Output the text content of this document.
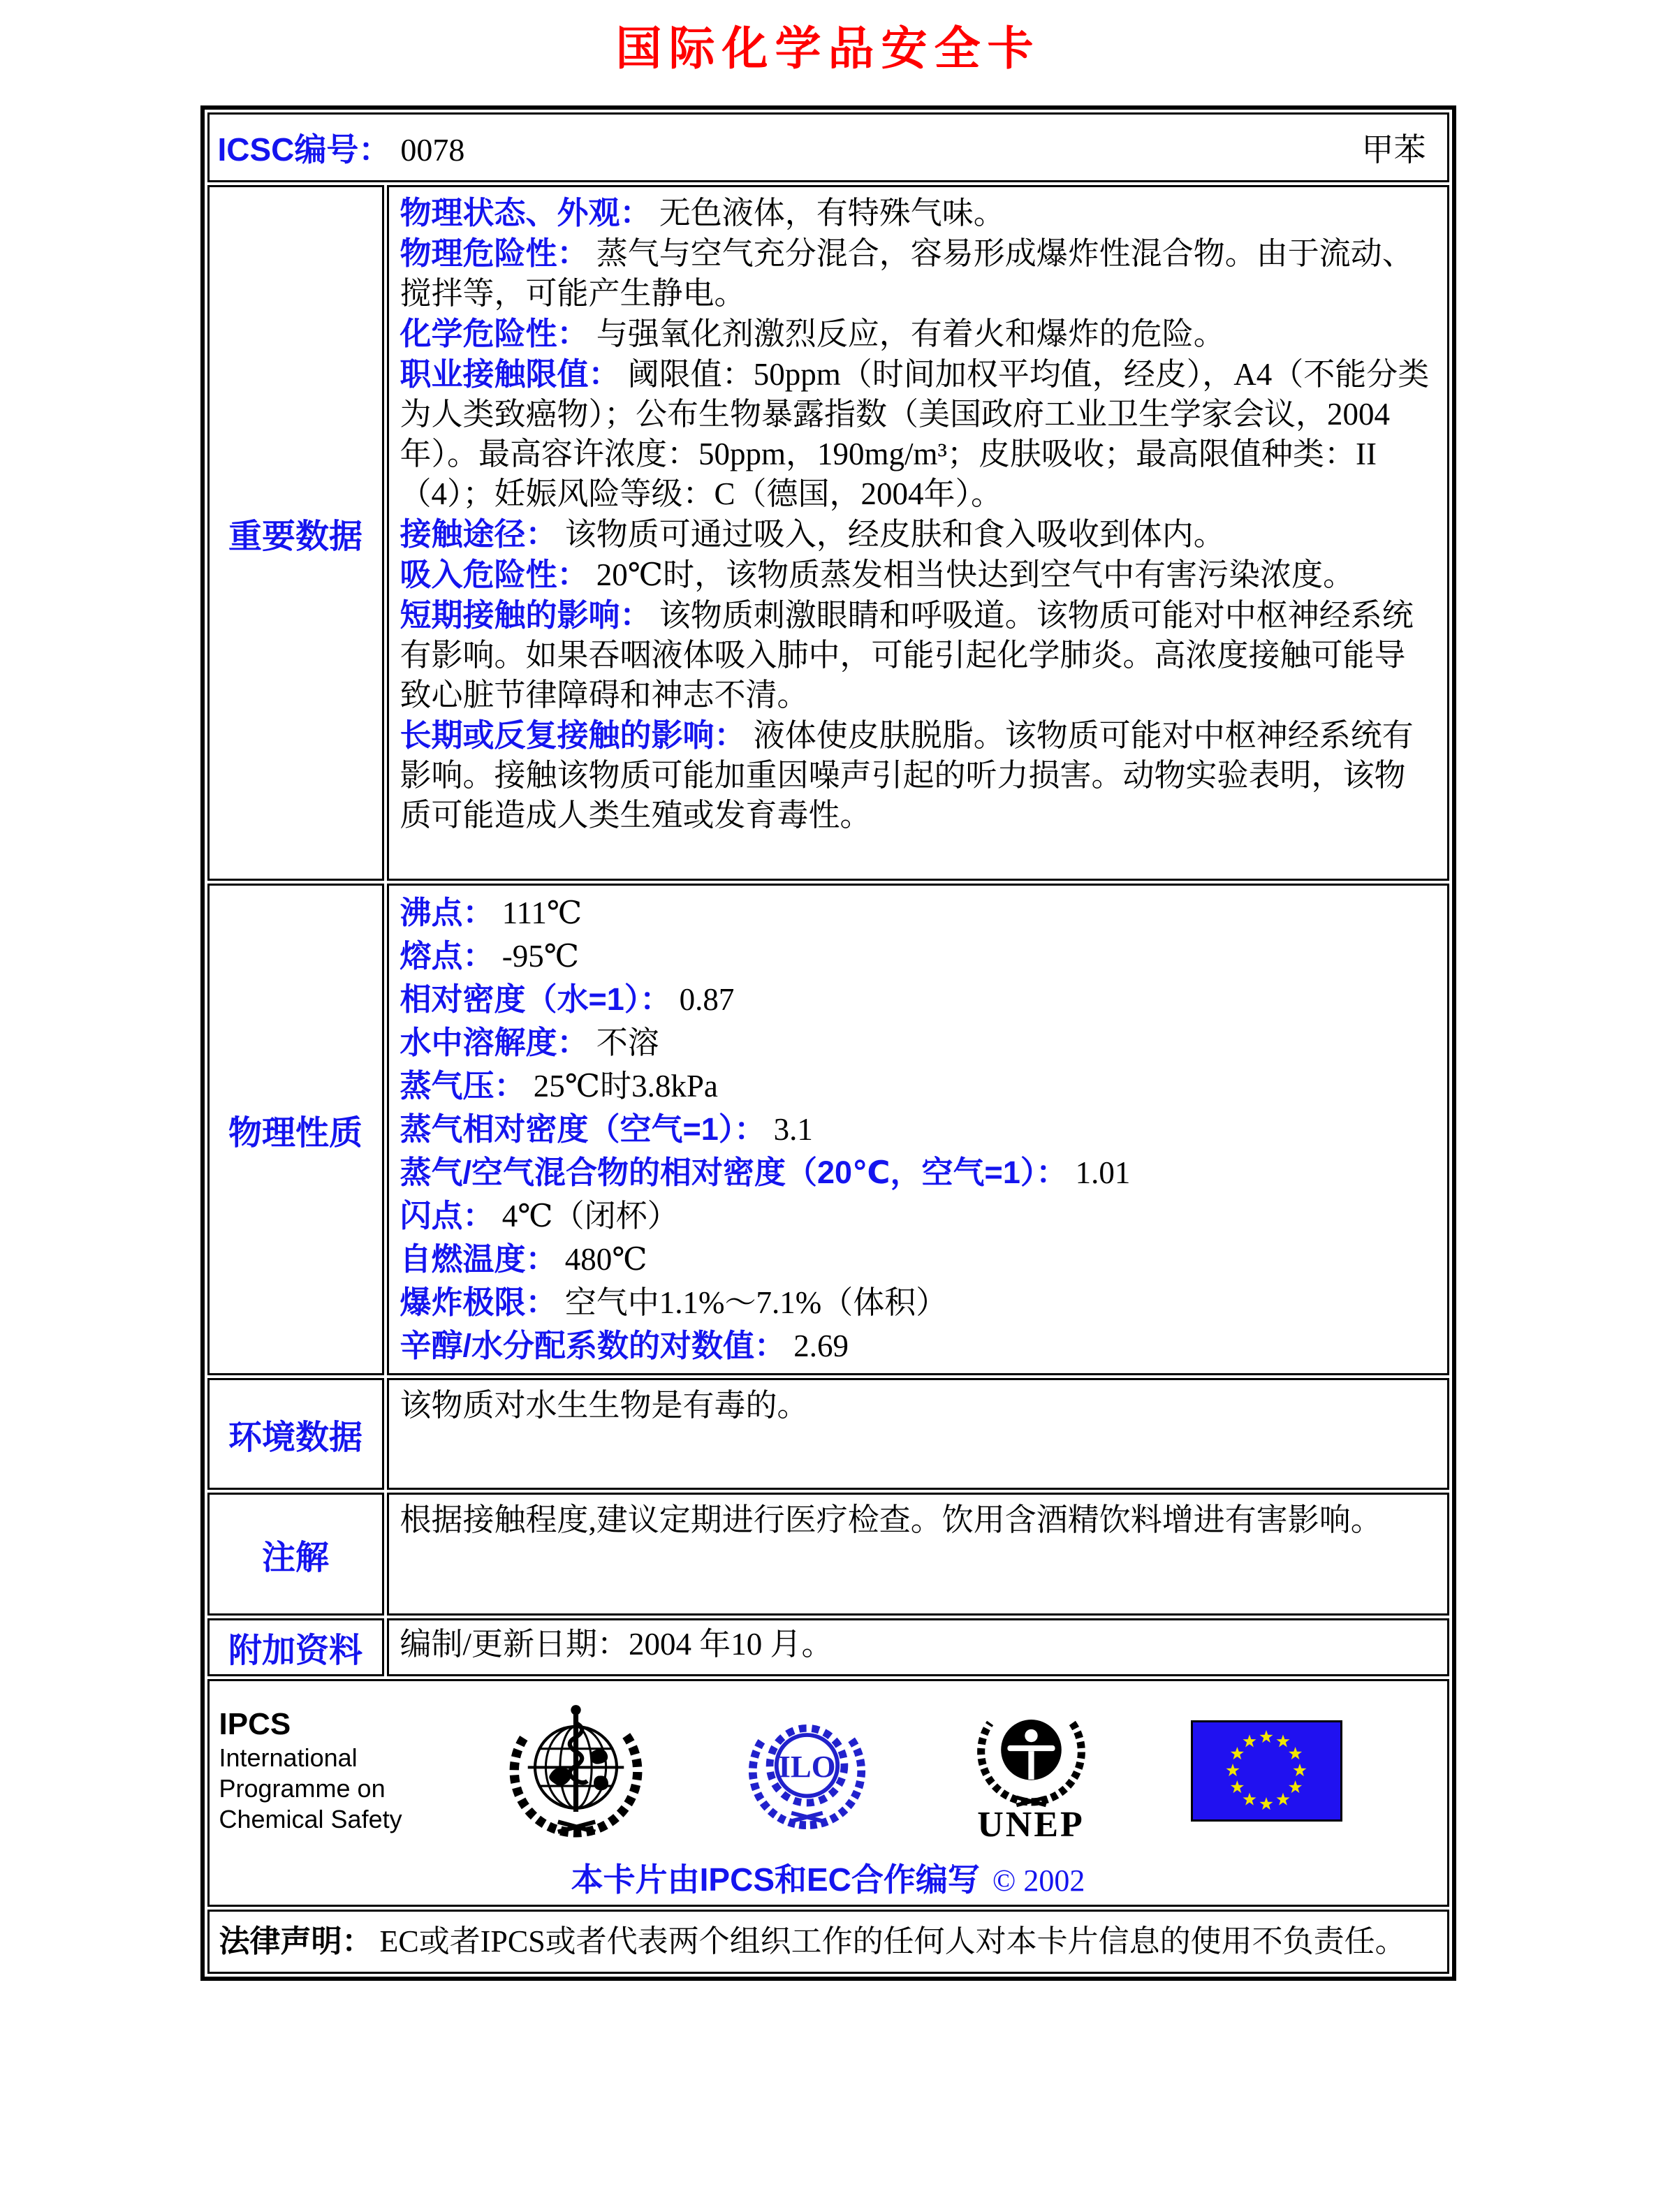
国际化学品安全卡
ICSC编号： 0078	甲苯
重要数据

物理状态、外观： 无色液体，有特殊气味。

物理危险性： 蒸气与空气充分混合，容易形成爆炸性混合物。由于流动、搅拌等，可能产生静电。

化学危险性： 与强氧化剂激烈反应，有着火和爆炸的危险。

职业接触限值： 阈限值：50ppm（时间加权平均值，经皮），A4（不能分类为人类致癌物）；公布生物暴露指数（美国政府工业卫生学家会议，2004年）。最高容许浓度：50ppm，190mg/m³；皮肤吸收；最高限值种类：II（4）；妊娠风险等级：C（德国，2004年）。

接触途径： 该物质可通过吸入，经皮肤和食入吸收到体内。

吸入危险性： 20℃时，该物质蒸发相当快达到空气中有害污染浓度。

短期接触的影响： 该物质刺激眼睛和呼吸道。该物质可能对中枢神经系统有影响。如果吞咽液体吸入肺中，可能引起化学肺炎。高浓度接触可能导致心脏节律障碍和神志不清。

长期或反复接触的影响： 液体使皮肤脱脂。该物质可能对中枢神经系统有影响。接触该物质可能加重因噪声引起的听力损害。动物实验表明，该物质可能造成人类生殖或发育毒性。

物理性质

沸点： 111℃

熔点： -95℃

相对密度（水=1）： 0.87

水中溶解度： 不溶

蒸气压： 25℃时3.8kPa

蒸气相对密度（空气=1）： 3.1

蒸气/空气混合物的相对密度（20℃，空气=1）： 1.01

闪点： 4℃（闭杯）

自燃温度： 480℃

爆炸极限： 空气中1.1%～7.1%（体积）

辛醇/水分配系数的对数值： 2.69

环境数据

该物质对水生生物是有毒的。

注解

根据接触程度,建议定期进行医疗检查。饮用含酒精饮料增进有害影响。

附加资料	编制/更新日期：2004 年10 月。

IPCS
International
Programme on
Chemical Safety
ILO
UNEP
本卡片由IPCS和EC合作编写 © 2002
法律声明： EC或者IPCS或者代表两个组织工作的任何人对本卡片信息的使用不负责任。
